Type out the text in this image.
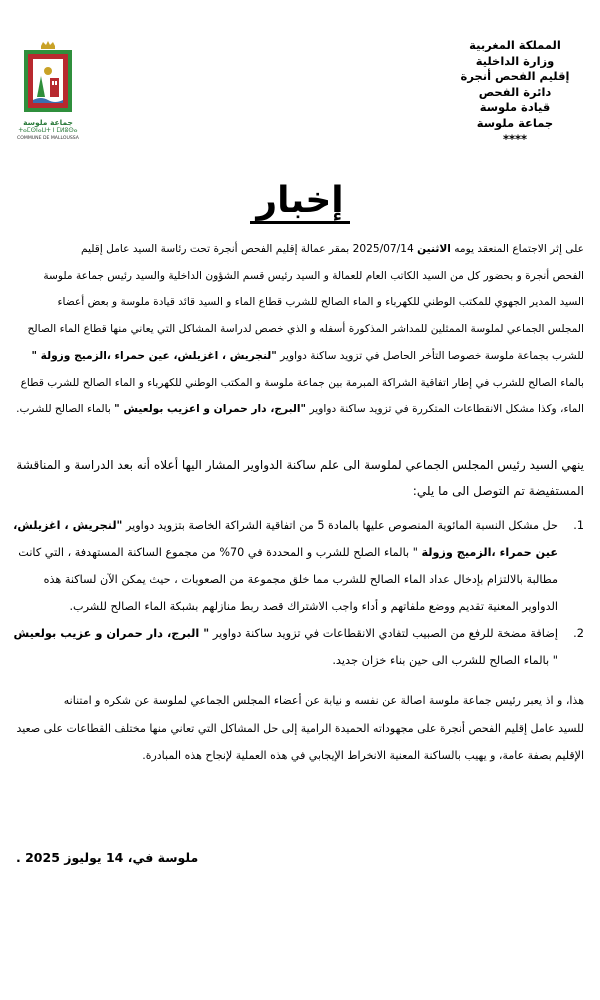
المملكة المغربية
وزارة الداخلية
إقليم الفحص أنجرة
دائرة الفحص
قيادة ملوسة
جماعة ملوسة
****
جماعة ملوسة
ⵜⴰⵎⵙⵏⴰⵡⵜ ⵏ ⵎⵍⵓⵙⴰ
COMMUNE DE MALLOUSSA
إخبار
على إثر الاجتماع المنعقد يومه الاثنين 2025/07/14 بمقر عمالة إقليم الفحص أنجرة تحت رئاسة السيد عامل إقليم
الفحص أنجرة و بحضور كل من السيد الكاتب العام للعمالة و السيد رئيس قسم الشؤون الداخلية والسيد رئيس جماعة ملوسة
السيد المدير الجهوي للمكتب الوطني للكهرباء و الماء الصالح للشرب قطاع الماء و السيد قائد قيادة ملوسة و بعض أعضاء
المجلس الجماعي لملوسة الممثلين للمداشر المذكورة أسفله و الذي خصص لدراسة المشاكل التي يعاني منها قطاع الماء الصالح
للشرب بجماعة ملوسة خصوصا التأخر الحاصل في تزويد ساكنة دواوير "لنجريش ، اغزيلش، عين حمراء ،الزميج وزولة "
بالماء الصالح للشرب في إطار اتفاقية الشراكة المبرمة بين جماعة ملوسة و المكتب الوطني للكهرباء و الماء الصالح للشرب قطاع
الماء، وكذا مشكل الانقطاعات المتكررة في تزويد ساكنة دواوير "البرج، دار حمران و اعزيب بولعيش " بالماء الصالح للشرب.
ينهي السيد رئيس المجلس الجماعي لملوسة الى علم ساكنة الدواوير المشار اليها أعلاه أنه بعد الدراسة و المناقشة
المستفيضة تم التوصل الى ما يلي:
1.حل مشكل النسبة المائوية المنصوص عليها بالمادة 5 من اتفاقية الشراكة الخاصة بتزويد دواوير "لنجريش ، اغزيلش،
عين حمراء ،الزميج وزولة " بالماء الصلح للشرب و المحددة في 70% من مجموع الساكنة المستهدفة ، التي كانت
مطالبة بالالتزام بإدخال عداد الماء الصالح للشرب مما خلق مجموعة من الصعوبات ، حيث يمكن الآن لساكنة هذه
الدواوير المعنية تقديم ووضع ملفاتهم و أداء واجب الاشتراك قصد ربط منازلهم بشبكة الماء الصالح للشرب.
2.إضافة مضخة للرفع من الصبيب لتفادي الانقطاعات في تزويد ساكنة دواوير " البرج، دار حمران و عزيب بولعيش
" بالماء الصالح للشرب الى حين بناء خزان جديد.
هذا، و اذ يعبر رئيس جماعة ملوسة اصالة عن نفسه و نيابة عن أعضاء المجلس الجماعي لملوسة عن شكره و امتنانه
للسيد عامل إقليم الفحص أنجرة على مجهوداته الحميدة الرامية إلى حل المشاكل التي تعاني منها مختلف القطاعات على صعيد
الإقليم بصفة عامة، و يهيب بالساكنة المعنية الانخراط الإيجابي في هذه العملية لإنجاح هذه المبادرة.
ملوسة في، 14 يوليوز 2025 .
